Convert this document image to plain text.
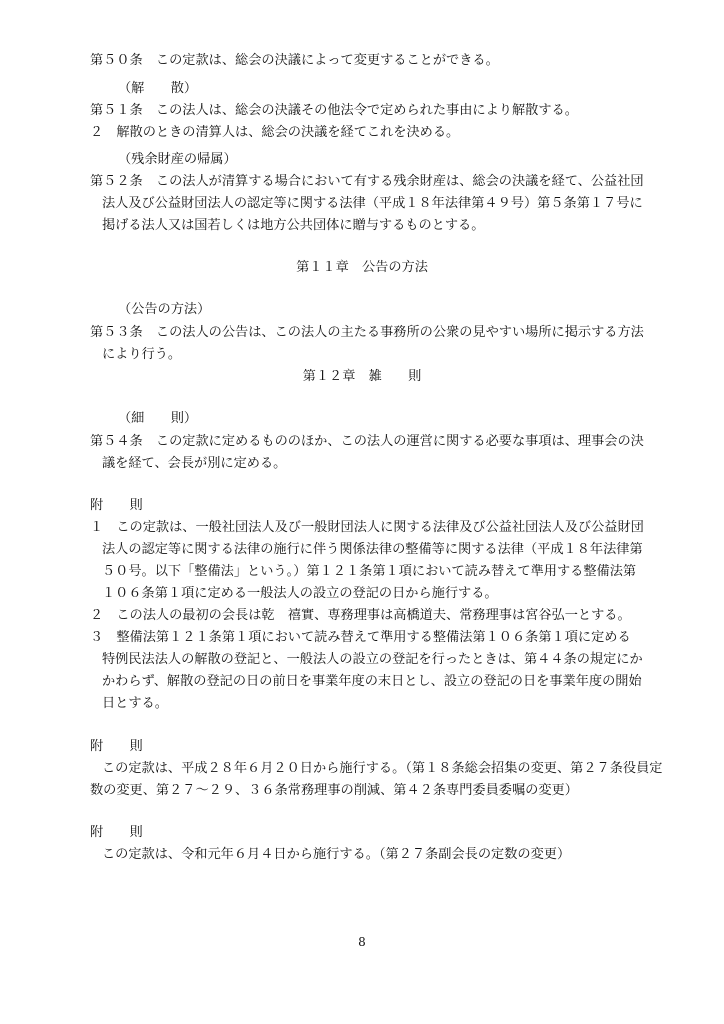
第５０条　この定款は、総会の決議によって変更することができる。
（解　　散）
第５１条　この法人は、総会の決議その他法令で定められた事由により解散する。
２　解散のときの清算人は、総会の決議を経てこれを決める。
（残余財産の帰属）
第５２条　この法人が清算する場合において有する残余財産は、総会の決議を経て、公益社団
法人及び公益財団法人の認定等に関する法律（平成１８年法律第４９号）第５条第１７号に
掲げる法人又は国若しくは地方公共団体に贈与するものとする。
第１１章　公告の方法
（公告の方法）
第５３条　この法人の公告は、この法人の主たる事務所の公衆の見やすい場所に掲示する方法
により行う。
第１２章　雑　　則
（細　　則）
第５４条　この定款に定めるもののほか、この法人の運営に関する必要な事項は、理事会の決
議を経て、会長が別に定める。
附　　則
１　この定款は、一般社団法人及び一般財団法人に関する法律及び公益社団法人及び公益財団
法人の認定等に関する法律の施行に伴う関係法律の整備等に関する法律（平成１８年法律第
５０号。以下「整備法」という。）第１２１条第１項において読み替えて準用する整備法第
１０６条第１項に定める一般法人の設立の登記の日から施行する。
２　この法人の最初の会長は乾　禧實、専務理事は高橋道夫、常務理事は宮谷弘一とする。
３　整備法第１２１条第１項において読み替えて準用する整備法第１０６条第１項に定める
特例民法法人の解散の登記と、一般法人の設立の登記を行ったときは、第４４条の規定にか
かわらず、解散の登記の日の前日を事業年度の末日とし、設立の登記の日を事業年度の開始
日とする。
附　　則
この定款は、平成２８年６月２０日から施行する。（第１８条総会招集の変更、第２７条役員定
数の変更、第２７～２９、３６条常務理事の削減、第４２条専門委員委嘱の変更）
附　　則
この定款は、令和元年６月４日から施行する。（第２７条副会長の定数の変更）
8
